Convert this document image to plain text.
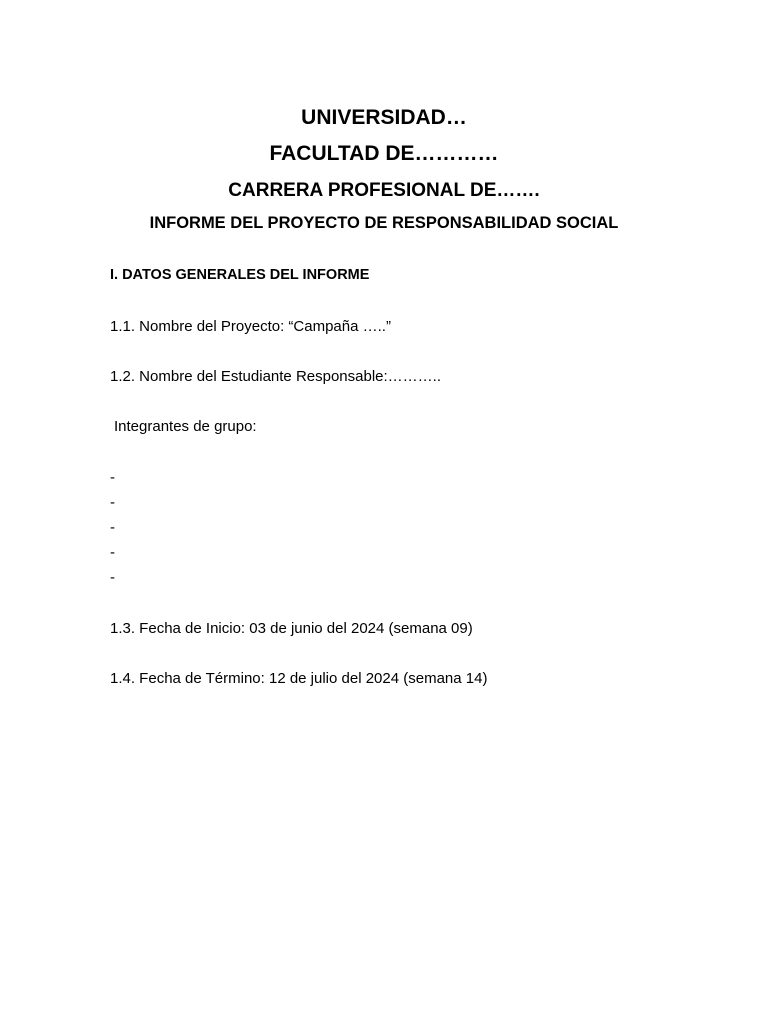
UNIVERSIDAD…
FACULTAD DE…………
CARRERA PROFESIONAL DE…….
INFORME DEL PROYECTO DE RESPONSABILIDAD SOCIAL
I. DATOS GENERALES DEL INFORME
1.1. Nombre del Proyecto: “Campaña …..”
1.2. Nombre del Estudiante Responsable:………..
Integrantes de grupo:
-
-
-
-
-
1.3. Fecha de Inicio: 03 de junio del 2024 (semana 09)
1.4. Fecha de Término: 12 de julio del 2024 (semana 14)
